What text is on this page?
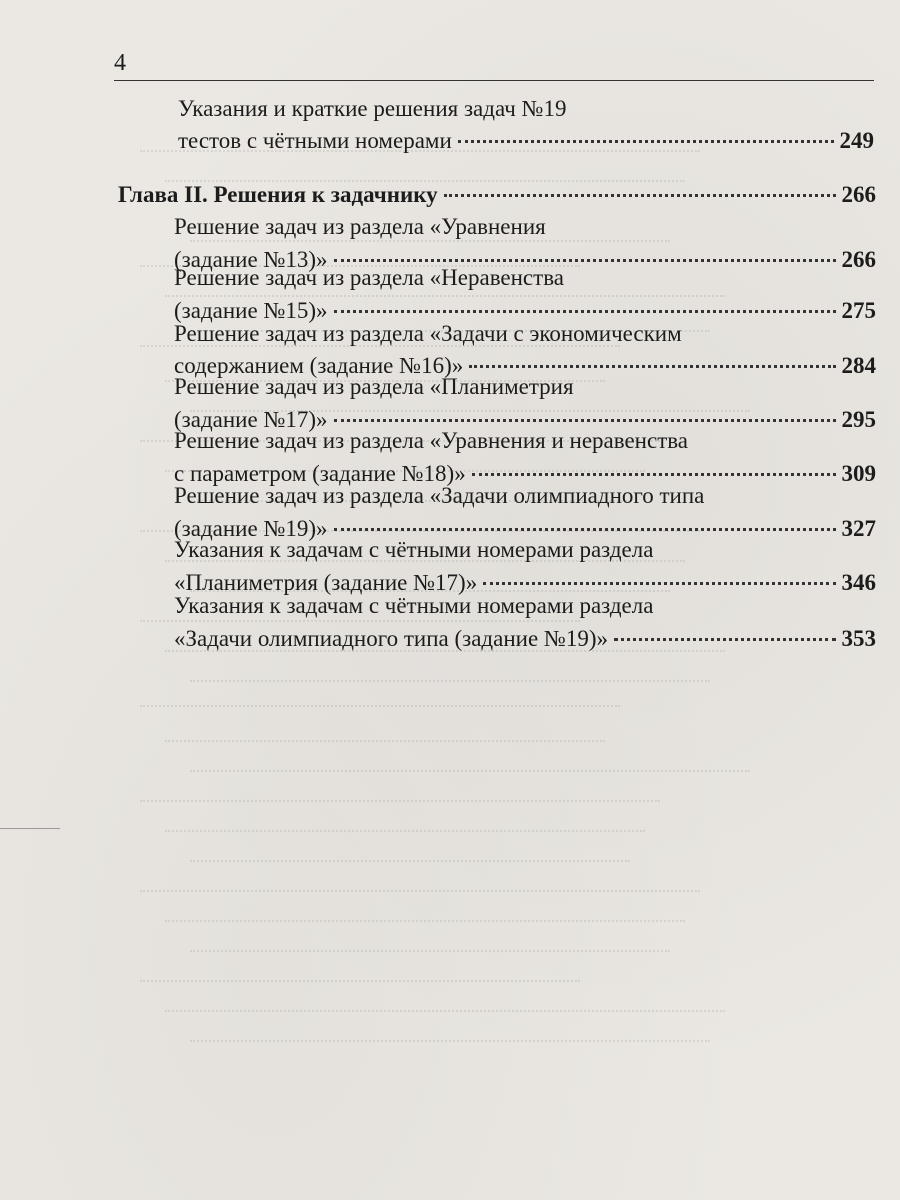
4
Указания и краткие решения задач №19
тестов с чётными номерами	249
Глава II. Решения к задачнику	266
Решение задач из раздела «Уравнения
(задание №13)»	266
Решение задач из раздела «Неравенства
(задание №15)»	275
Решение задач из раздела «Задачи с экономическим
содержанием (задание №16)»	284
Решение задач из раздела «Планиметрия
(задание №17)»	295
Решение задач из раздела «Уравнения и неравенства
с параметром (задание №18)»	309
Решение задач из раздела «Задачи олимпиадного типа
(задание №19)»	327
Указания к задачам с чётными номерами раздела
«Планиметрия (задание №17)»	346
Указания к задачам с чётными номерами раздела
«Задачи олимпиадного типа (задание №19)»	353
